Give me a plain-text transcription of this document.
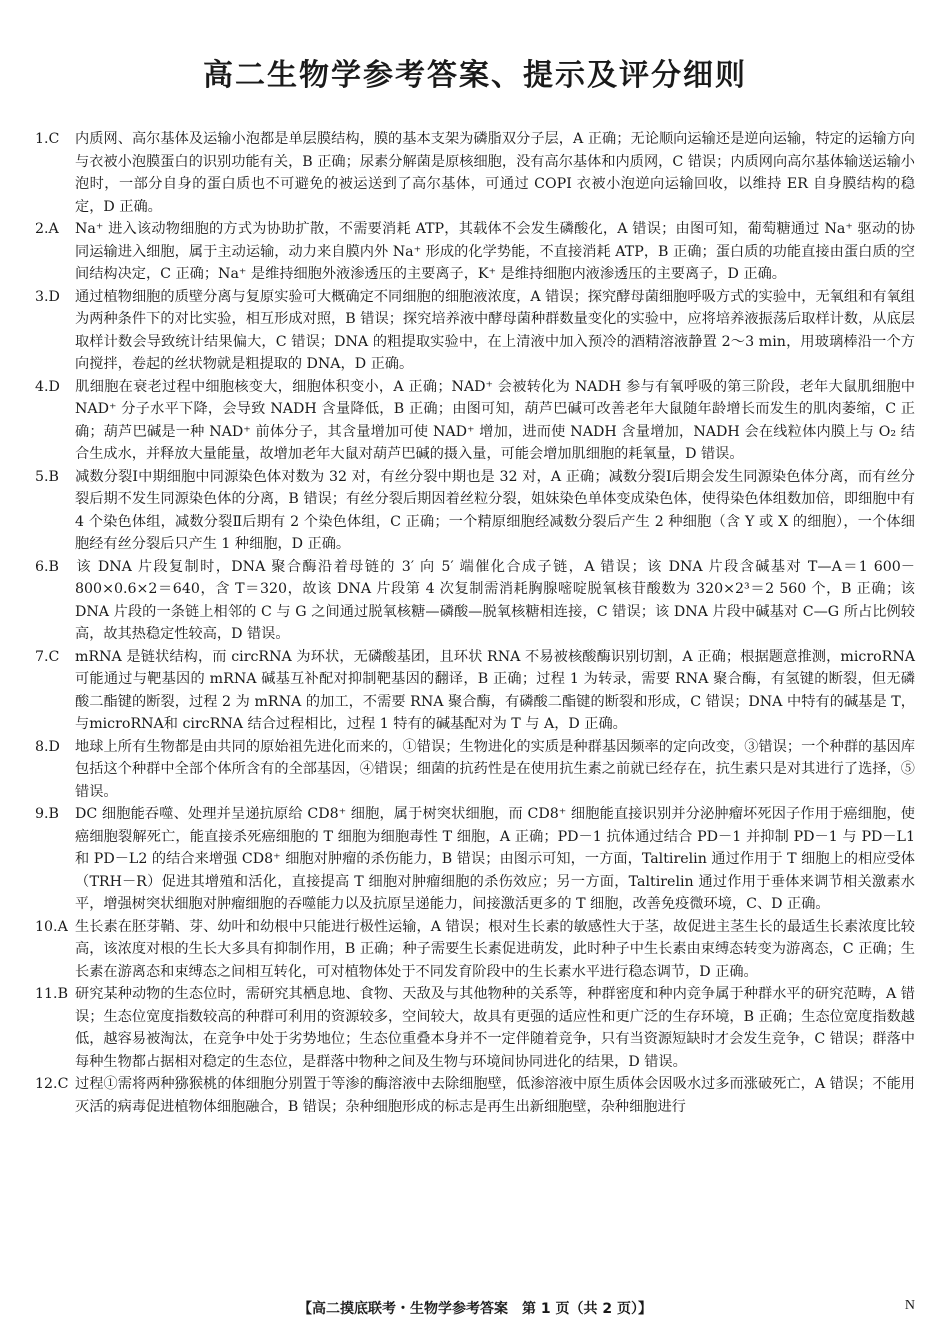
高二生物学参考答案、提示及评分细则

1.C 内质网、高尔基体及运输小泡都是单层膜结构，膜的基本支架为磷脂双分子层，A 正确；无论顺向运输还是逆向运输，特定的运输方向与衣被小泡膜蛋白的识别功能有关，B 正确；尿素分解菌是原核细胞，没有高尔基体和内质网，C 错误；内质网向高尔基体输送运输小泡时，一部分自身的蛋白质也不可避免的被运送到了高尔基体，可通过 COPI 衣被小泡逆向运输回收，以维持 ER 自身膜结构的稳定，D 正确。

2.A Na⁺ 进入该动物细胞的方式为协助扩散，不需要消耗 ATP，其载体不会发生磷酸化，A 错误；由图可知，葡萄糖通过 Na⁺ 驱动的协同运输进入细胞，属于主动运输，动力来自膜内外 Na⁺ 形成的化学势能，不直接消耗 ATP，B 正确；蛋白质的功能直接由蛋白质的空间结构决定，C 正确；Na⁺ 是维持细胞外液渗透压的主要离子，K⁺ 是维持细胞内液渗透压的主要离子，D 正确。

3.D 通过植物细胞的质壁分离与复原实验可大概确定不同细胞的细胞液浓度，A 错误；探究酵母菌细胞呼吸方式的实验中，无氧组和有氧组为两种条件下的对比实验，相互形成对照，B 错误；探究培养液中酵母菌种群数量变化的实验中，应将培养液振荡后取样计数，从底层取样计数会导致统计结果偏大，C 错误；DNA 的粗提取实验中，在上清液中加入预冷的酒精溶液静置 2～3 min，用玻璃棒沿一个方向搅拌，卷起的丝状物就是粗提取的 DNA，D 正确。

4.D 肌细胞在衰老过程中细胞核变大，细胞体积变小，A 正确；NAD⁺ 会被转化为 NADH 参与有氧呼吸的第三阶段，老年大鼠肌细胞中 NAD⁺ 分子水平下降，会导致 NADH 含量降低，B 正确；由图可知，葫芦巴碱可改善老年大鼠随年龄增长而发生的肌肉萎缩，C 正确；葫芦巴碱是一种 NAD⁺ 前体分子，其含量增加可使 NAD⁺ 增加，进而使 NADH 含量增加，NADH 会在线粒体内膜上与 O₂ 结合生成水，并释放大量能量，故增加老年大鼠对葫芦巴碱的摄入量，可能会增加肌细胞的耗氧量，D 错误。

5.B 减数分裂Ⅰ中期细胞中同源染色体对数为 32 对，有丝分裂中期也是 32 对，A 正确；减数分裂Ⅰ后期会发生同源染色体分离，而有丝分裂后期不发生同源染色体的分离，B 错误；有丝分裂后期因着丝粒分裂，姐妹染色单体变成染色体，使得染色体组数加倍，即细胞中有 4 个染色体组，减数分裂Ⅱ后期有 2 个染色体组，C 正确；一个精原细胞经减数分裂后产生 2 种细胞（含 Y 或 X 的细胞），一个体细胞经有丝分裂后只产生 1 种细胞，D 正确。

6.B 该 DNA 片段复制时，DNA 聚合酶沿着母链的 3′ 向 5′ 端催化合成子链，A 错误；该 DNA 片段含碱基对 T—A＝1 600－800×0.6×2＝640，含 T＝320，故该 DNA 片段第 4 次复制需消耗胸腺嘧啶脱氧核苷酸数为 320×2³＝2 560 个，B 正确；该 DNA 片段的一条链上相邻的 C 与 G 之间通过脱氧核糖—磷酸—脱氧核糖相连接，C 错误；该 DNA 片段中碱基对 C—G 所占比例较高，故其热稳定性较高，D 错误。

7.C mRNA 是链状结构，而 circRNA 为环状，无磷酸基团，且环状 RNA 不易被核酸酶识别切割，A 正确；根据题意推测，microRNA 可能通过与靶基因的 mRNA 碱基互补配对抑制靶基因的翻译，B 正确；过程 1 为转录，需要 RNA 聚合酶，有氢键的断裂，但无磷酸二酯键的断裂，过程 2 为 mRNA 的加工，不需要 RNA 聚合酶，有磷酸二酯键的断裂和形成，C 错误；DNA 中特有的碱基是 T，与microRNA和 circRNA 结合过程相比，过程 1 特有的碱基配对为 T 与 A，D 正确。

8.D 地球上所有生物都是由共同的原始祖先进化而来的，①错误；生物进化的实质是种群基因频率的定向改变，③错误；一个种群的基因库包括这个种群中全部个体所含有的全部基因，④错误；细菌的抗药性是在使用抗生素之前就已经存在，抗生素只是对其进行了选择，⑤错误。

9.B DC 细胞能吞噬、处理并呈递抗原给 CD8⁺ 细胞，属于树突状细胞，而 CD8⁺ 细胞能直接识别并分泌肿瘤坏死因子作用于癌细胞，使癌细胞裂解死亡，能直接杀死癌细胞的 T 细胞为细胞毒性 T 细胞，A 正确；PD－1 抗体通过结合 PD－1 并抑制 PD－1 与 PD－L1 和 PD－L2 的结合来增强 CD8⁺ 细胞对肿瘤的杀伤能力，B 错误；由图示可知，一方面，Taltirelin 通过作用于 T 细胞上的相应受体（TRH－R）促进其增殖和活化，直接提高 T 细胞对肿瘤细胞的杀伤效应；另一方面，Taltirelin 通过作用于垂体来调节相关激素水平，增强树突状细胞对肿瘤细胞的吞噬能力以及抗原呈递能力，间接激活更多的 T 细胞，改善免疫微环境，C、D 正确。

10.A 生长素在胚芽鞘、芽、幼叶和幼根中只能进行极性运输，A 错误；根对生长素的敏感性大于茎，故促进主茎生长的最适生长素浓度比较高，该浓度对根的生长大多具有抑制作用，B 正确；种子需要生长素促进萌发，此时种子中生长素由束缚态转变为游离态，C 正确；生长素在游离态和束缚态之间相互转化，可对植物体处于不同发育阶段中的生长素水平进行稳态调节，D 正确。

11.B 研究某种动物的生态位时，需研究其栖息地、食物、天敌及与其他物种的关系等，种群密度和种内竞争属于种群水平的研究范畴，A 错误；生态位宽度指数较高的种群可利用的资源较多，空间较大，故具有更强的适应性和更广泛的生存环境，B 正确；生态位宽度指数越低，越容易被淘汰，在竞争中处于劣势地位；生态位重叠本身并不一定伴随着竞争，只有当资源短缺时才会发生竞争，C 错误；群落中每种生物都占据相对稳定的生态位，是群落中物种之间及生物与环境间协同进化的结果，D 错误。

12.C 过程①需将两种猕猴桃的体细胞分别置于等渗的酶溶液中去除细胞壁，低渗溶液中原生质体会因吸水过多而涨破死亡，A 错误；不能用灭活的病毒促进植物体细胞融合，B 错误；杂种细胞形成的标志是再生出新细胞壁，杂种细胞进行

【高二摸底联考・生物学参考答案　第 1 页（共 2 页）】	N
